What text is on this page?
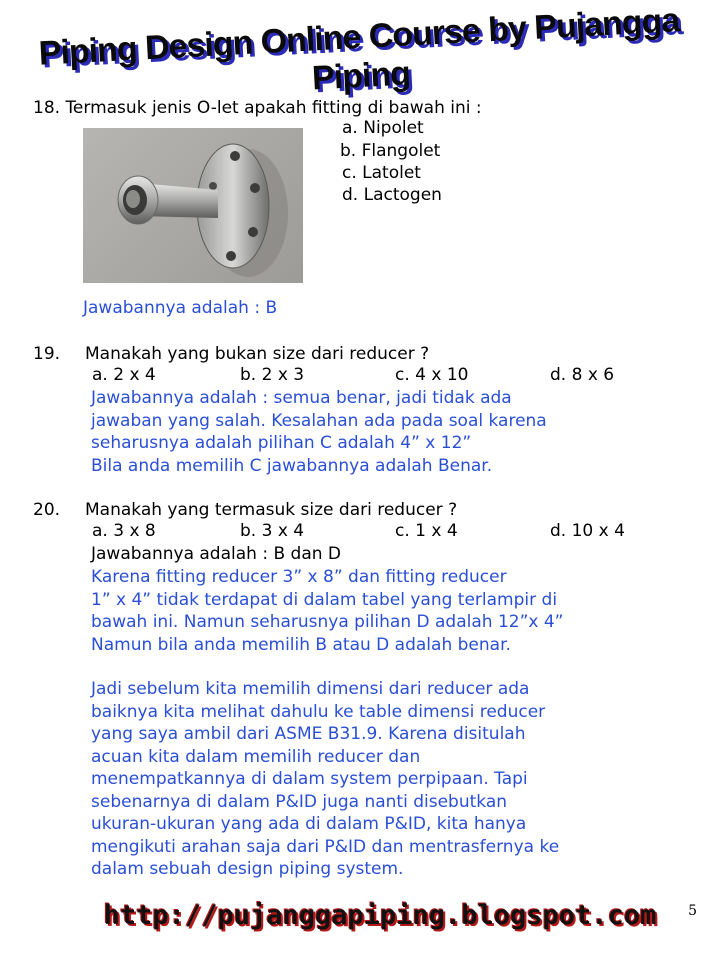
Piping Design Online Course by Pujangga Piping
18. Termasuk jenis O-let apakah fitting di bawah ini :
a. Nipolet
b. Flangolet
c. Latolet
d. Lactogen
Jawabannya adalah : B
19. Manakah yang bukan size dari reducer ?
a. 2 x 4	b. 2 x 3	c. 4 x 10	d. 8 x 6
Jawabannya adalah : semua benar, jadi tidak ada
jawaban yang salah. Kesalahan ada pada soal karena
seharusnya adalah pilihan C adalah 4” x 12”
Bila anda memilih C jawabannya adalah Benar.
20. Manakah yang termasuk size dari reducer ?
a. 3 x 8	b. 3 x 4	c. 1 x 4	d. 10 x 4
Jawabannya adalah : B dan D
Karena fitting reducer 3” x 8” dan fitting reducer
1” x 4” tidak terdapat di dalam tabel yang terlampir di
bawah ini. Namun seharusnya pilihan D adalah 12”x 4”
Namun bila anda memilih B atau D adalah benar.
Jadi sebelum kita memilih dimensi dari reducer ada
baiknya kita melihat dahulu ke table dimensi reducer
yang saya ambil dari ASME B31.9. Karena disitulah
acuan kita dalam memilih reducer dan
menempatkannya di dalam system perpipaan. Tapi
sebenarnya di dalam P&ID juga nanti disebutkan
ukuran-ukuran yang ada di dalam P&ID, kita hanya
mengikuti arahan saja dari P&ID dan mentrasfernya ke
dalam sebuah design piping system.
5
http://pujanggapiping.blogspot.com
